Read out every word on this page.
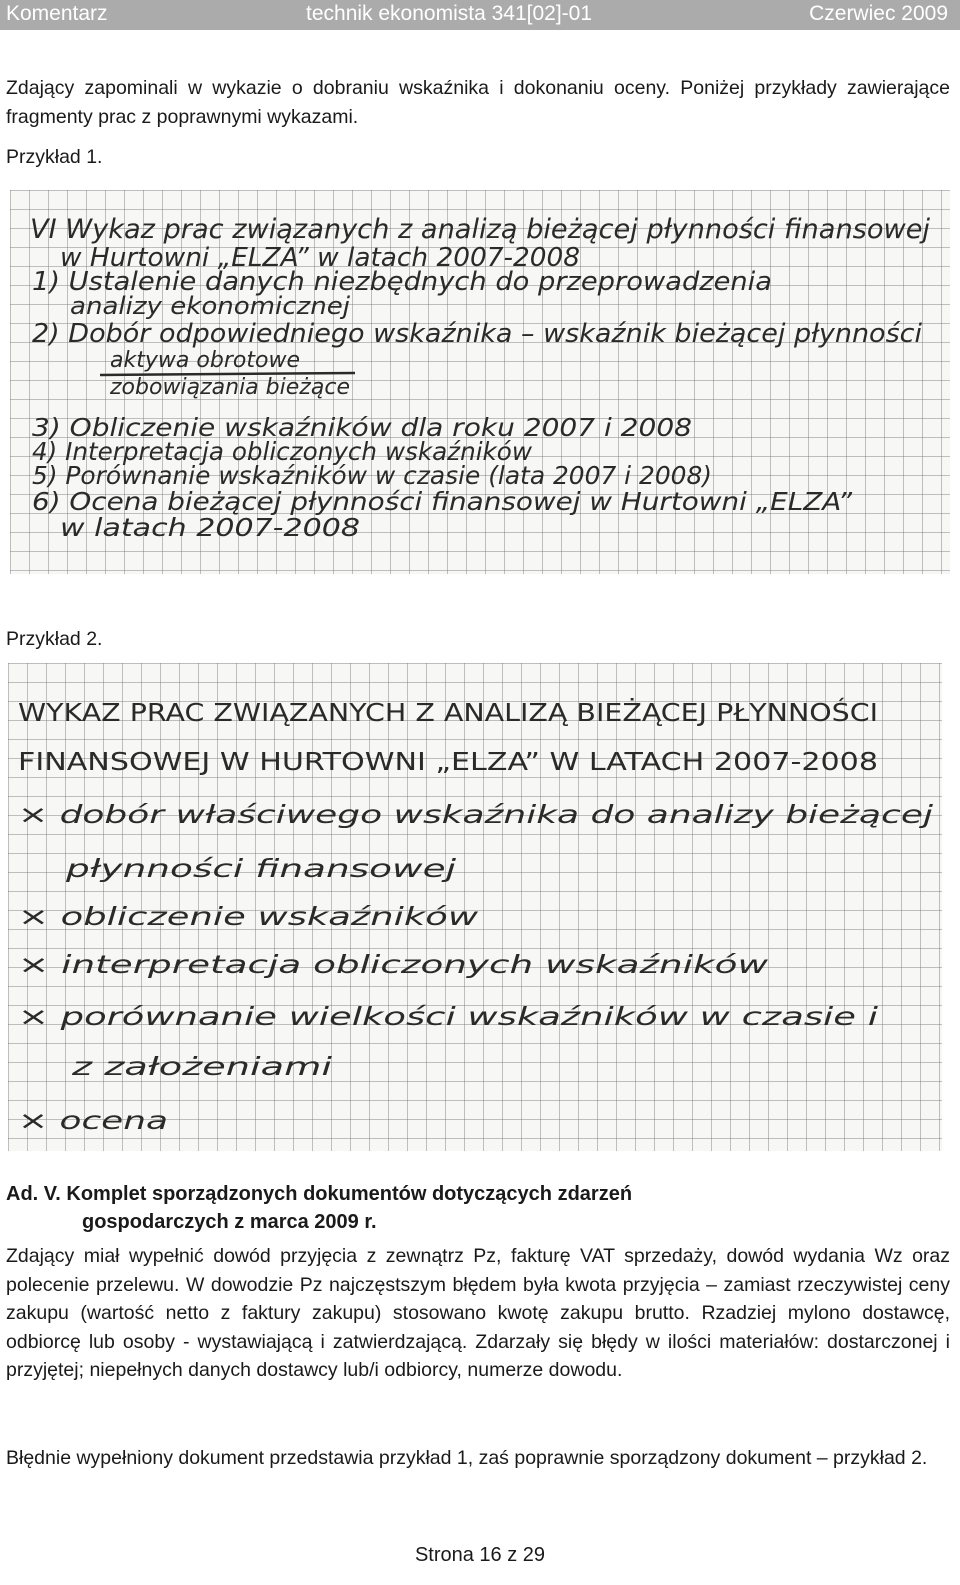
Komentarz	technik ekonomista 341[02]-01	Czerwiec 2009

Zdający zapominali w wykazie o dobraniu wskaźnika i dokonaniu oceny. Poniżej przykłady zawierające fragmenty prac z poprawnymi wykazami.

Przykład 1.
VI Wykaz prac związanych z analizą bieżącej płynności finansowej
w Hurtowni „ELZA” w latach 2007-2008
1) Ustalenie danych niezbędnych do przeprowadzenia
analizy ekonomicznej
2) Dobór odpowiedniego wskaźnika – wskaźnik bieżącej płynności
aktywa obrotowe
zobowiązania bieżące
3) Obliczenie wskaźników dla roku 2007 i 2008
4) Interpretacja obliczonych wskaźników
5) Porównanie wskaźników w czasie (lata 2007 i 2008)
6) Ocena bieżącej płynności finansowej w Hurtowni „ELZA”
w latach 2007-2008
Przykład 2.
WYKAZ PRAC ZWIĄZANYCH Z ANALIZĄ BIEŻĄCEJ PŁYNNOŚCI
FINANSOWEJ W HURTOWNI „ELZA” W LATACH 2007-2008
× dobór właściwego wskaźnika do analizy bieżącej
płynności finansowej
× obliczenie wskaźników
× interpretacja obliczonych wskaźników
× porównanie wielkości wskaźników w czasie i
z założeniami
× ocena
Ad. V. Komplet sporządzonych dokumentów dotyczących zdarzeń
gospodarczych z marca 2009 r.

Zdający miał wypełnić dowód przyjęcia z zewnątrz Pz, fakturę VAT sprzedaży, dowód wydania Wz oraz polecenie przelewu. W dowodzie Pz najczęstszym błędem była kwota przyjęcia – zamiast rzeczywistej ceny zakupu (wartość netto z faktury zakupu) stosowano kwotę zakupu brutto. Rzadziej mylono dostawcę, odbiorcę lub osoby - wystawiającą i zatwierdzającą. Zdarzały się błędy w ilości materiałów: dostarczonej i przyjętej; niepełnych danych dostawcy lub/i odbiorcy, numerze dowodu.

Błędnie wypełniony dokument przedstawia przykład 1, zaś poprawnie sporządzony dokument – przykład 2.

Strona 16 z 29
